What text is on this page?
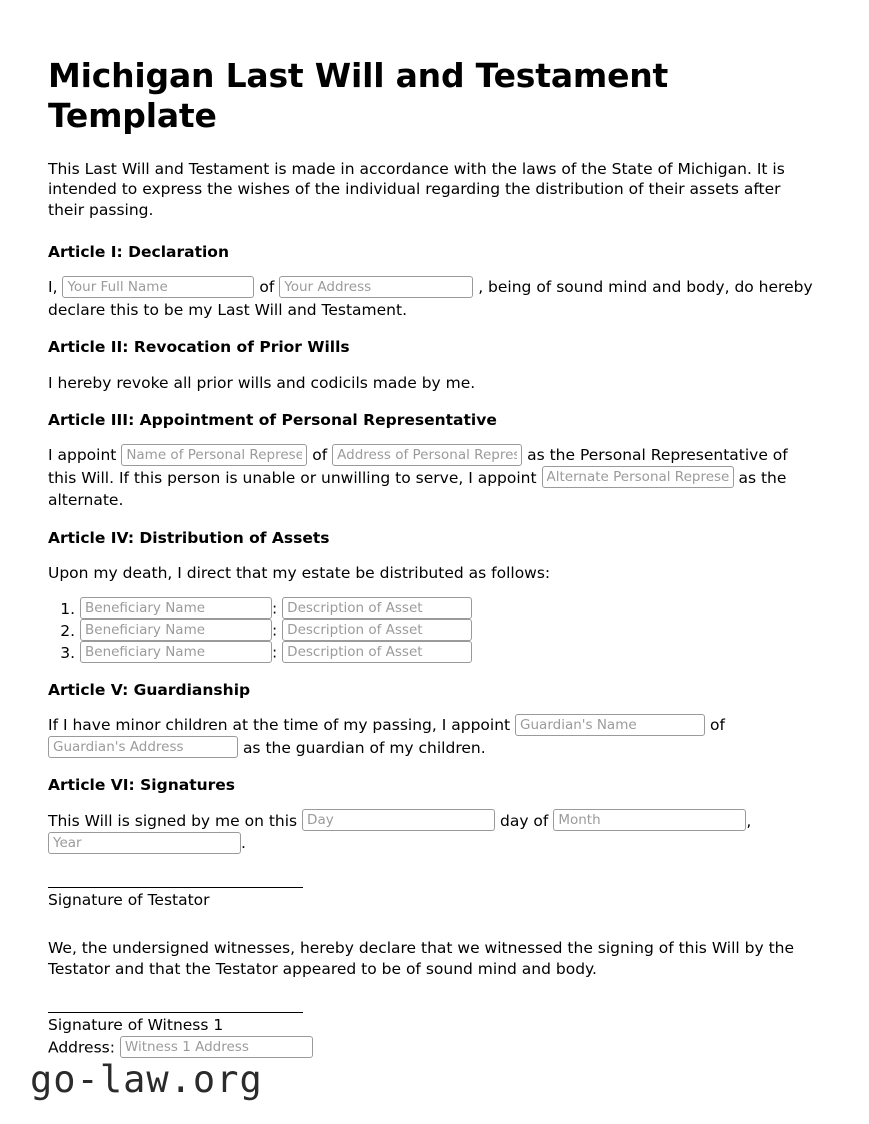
Michigan Last Will and Testament Template

This Last Will and Testament is made in accordance with the laws of the State of Michigan. It is intended to express the wishes of the individual regarding the distribution of their assets after their passing.

Article I: Declaration
I, Your Full Name	of Your Address	, being of sound mind and body, do hereby declare this to be my Last Will and Testament.
Article II: Revocation of Prior Wills
I hereby revoke all prior wills and codicils made by me.
Article III: Appointment of Personal Representative
I appoint Name of Personal Representative	of Address of Personal Representative	as the Personal Representative of this Will. If this person is unable or unwilling to serve, I appoint Alternate Personal Representative	as the alternate.
Article IV: Distribution of Assets
Upon my death, I direct that my estate be distributed as follows:
1. Beneficiary Name: Description of Asset
2. Beneficiary Name: Description of Asset
3. Beneficiary Name: Description of Asset
Article V: Guardianship
If I have minor children at the time of my passing, I appoint Guardian's Name	of Guardian's Address as the guardian of my children.
Article VI: Signatures
This Will is signed by me on this Day	day of Month	, Year.
Signature of Testator

We, the undersigned witnesses, hereby declare that we witnessed the signing of this Will by the Testator and that the Testator appeared to be of sound mind and body.

Signature of Witness 1
Address: Witness 1 Address
go-law.org
